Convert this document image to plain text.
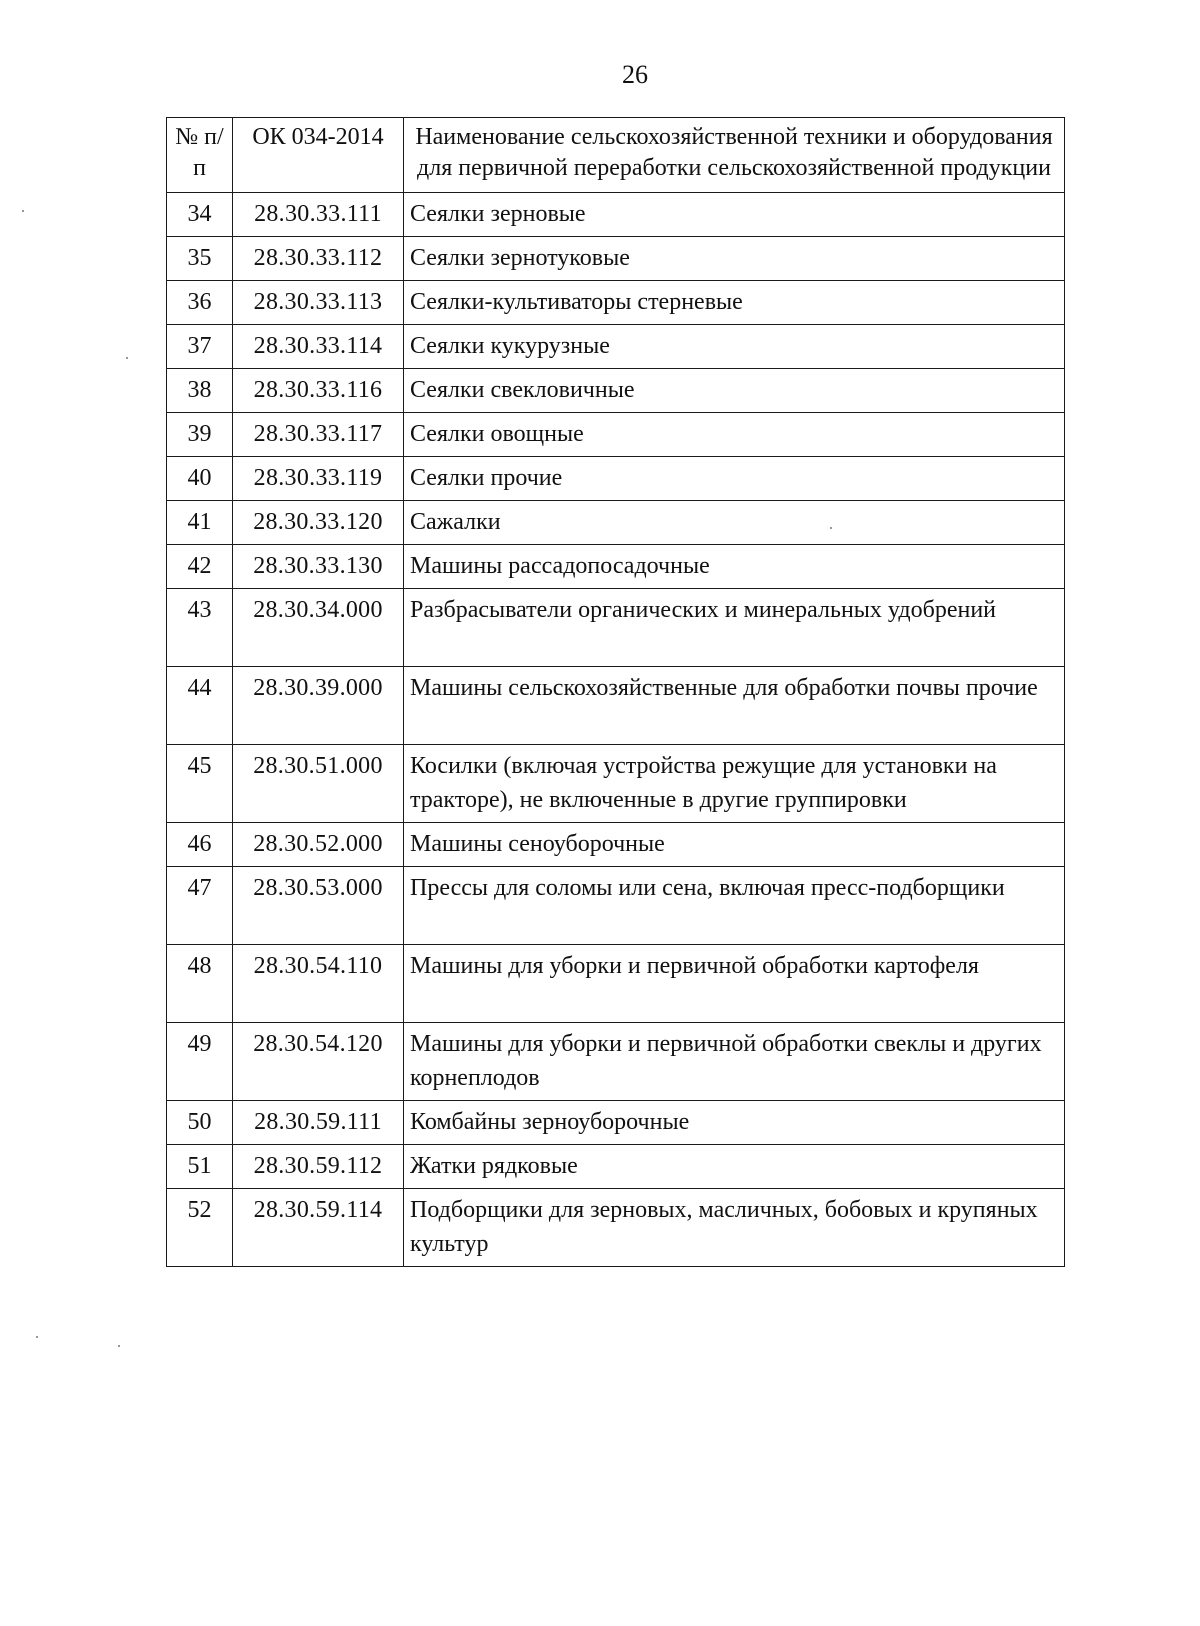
26
№ п/п	ОК 034-2014	Наименование сельскохозяйственной техники и оборудования для первичной переработки сельскохозяйственной продукции
34	28.30.33.111	Сеялки зерновые
35	28.30.33.112	Сеялки зернотуковые
36	28.30.33.113	Сеялки-культиваторы стерневые
37	28.30.33.114	Сеялки кукурузные
38	28.30.33.116	Сеялки свекловичные
39	28.30.33.117	Сеялки овощные
40	28.30.33.119	Сеялки прочие
41	28.30.33.120	Сажалки
42	28.30.33.130	Машины рассадопосадочные
43	28.30.34.000	Разбрасыватели органических и минеральных удобрений
44	28.30.39.000	Машины сельскохозяйственные для обработки почвы прочие
45	28.30.51.000	Косилки (включая устройства режущие для установки на тракторе), не включенные в другие группировки
46	28.30.52.000	Машины сеноуборочные
47	28.30.53.000	Прессы для соломы или сена, включая пресс-подборщики
48	28.30.54.110	Машины для уборки и первичной обработки картофеля
49	28.30.54.120	Машины для уборки и первичной обработки свеклы и других корнеплодов
50	28.30.59.111	Комбайны зерноуборочные
51	28.30.59.112	Жатки рядковые
52	28.30.59.114	Подборщики для зерновых, масличных, бобовых и крупяных культур
